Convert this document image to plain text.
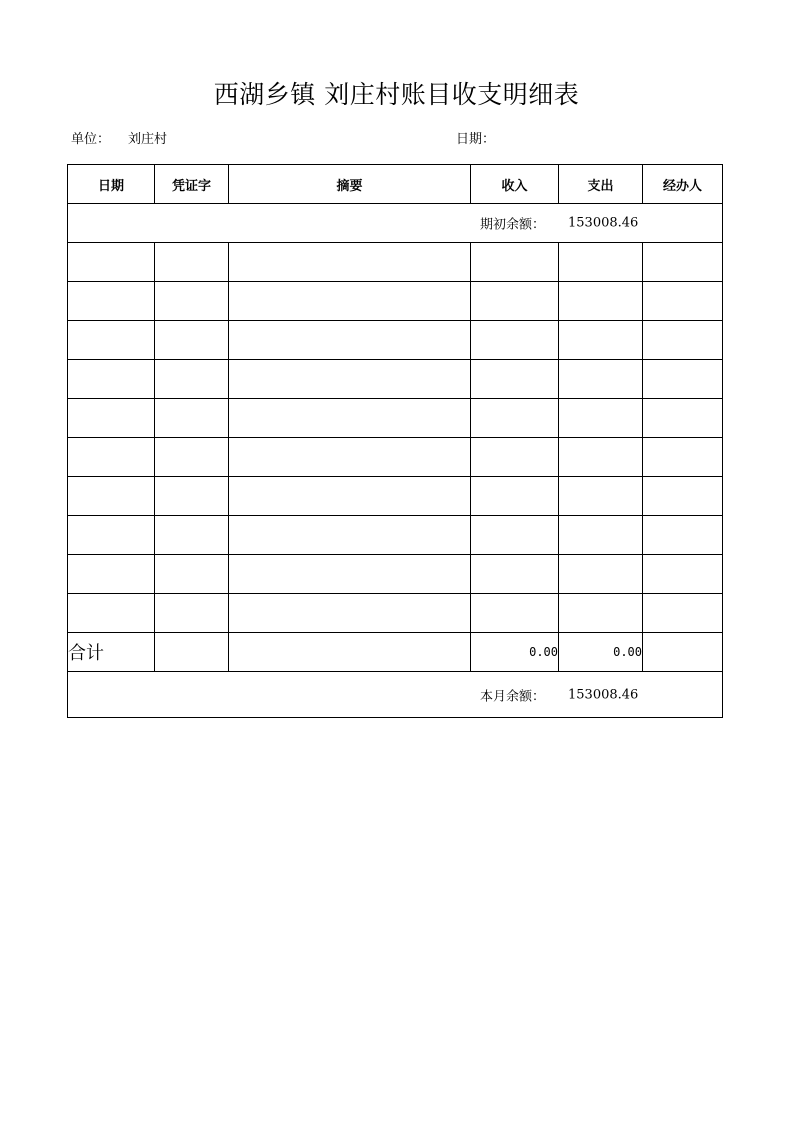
西湖乡镇 刘庄村账目收支明细表
单位： 刘庄村	日期：
日期	凭证字	摘要	收入	支出	经办人

期初余额： 153008.46					

合计			0.00	0.00	

本月余额： 153008.46					
